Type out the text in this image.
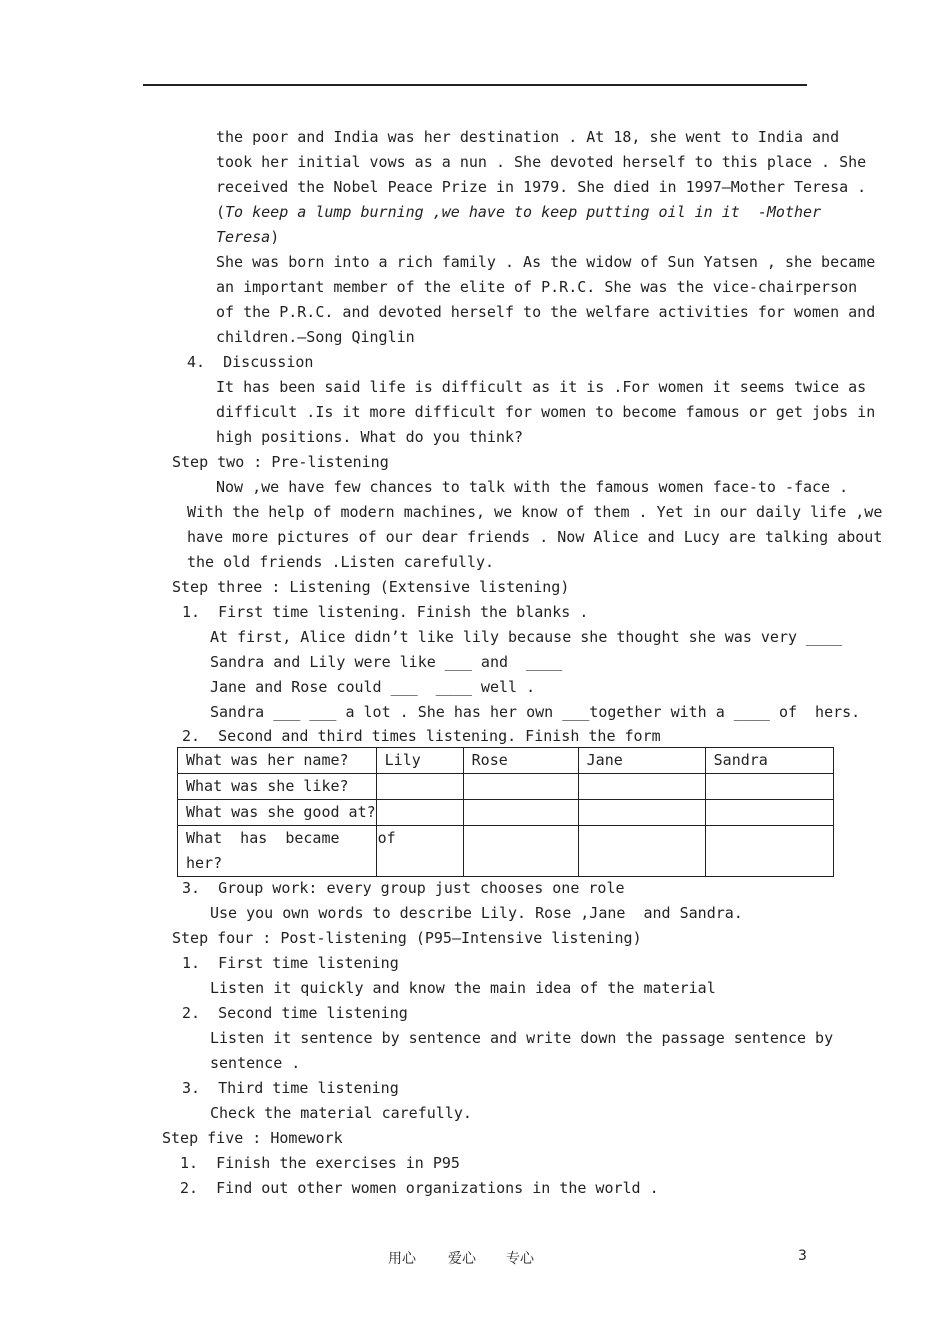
the poor and India was her destination . At 18, she went to India and
took her initial vows as a nun . She devoted herself to this place . She
received the Nobel Peace Prize in 1979. She died in 1997—Mother Teresa .
(To keep a lump burning ,we have to keep putting oil in it  -Mother
Teresa)
She was born into a rich family . As the widow of Sun Yatsen , she became
an important member of the elite of P.R.C. She was the vice-chairperson
of the P.R.C. and devoted herself to the welfare activities for women and
children.—Song Qinglin
4.  Discussion
It has been said life is difficult as it is .For women it seems twice as
difficult .Is it more difficult for women to become famous or get jobs in
high positions. What do you think?
Step two : Pre-listening
Now ,we have few chances to talk with the famous women face-to -face .
With the help of modern machines, we know of them . Yet in our daily life ,we
have more pictures of our dear friends . Now Alice and Lucy are talking about
the old friends .Listen carefully.
Step three : Listening (Extensive listening)
1.  First time listening. Finish the blanks .
At first, Alice didn’t like lily because she thought she was very ____
Sandra and Lily were like ___ and  ____
Jane and Rose could ___  ____ well .
Sandra ___ ___ a lot . She has her own ___together with a ____ of  hers.
2.  Second and third times listening. Finish the form
What was her name?	Lily	Rose	Jane	Sandra
What was she like?				
What was she good at?				

What  has  became
her?	of			
3.  Group work: every group just chooses one role
Use you own words to describe Lily. Rose ,Jane  and Sandra.
Step four : Post-listening (P95—Intensive listening)
1.  First time listening
Listen it quickly and know the main idea of the material
2.  Second time listening
Listen it sentence by sentence and write down the passage sentence by
sentence .
3.  Third time listening
Check the material carefully.
Step five : Homework
1.  Finish the exercises in P95
2.  Find out other women organizations in the world .
用心 爱心 专心	3
